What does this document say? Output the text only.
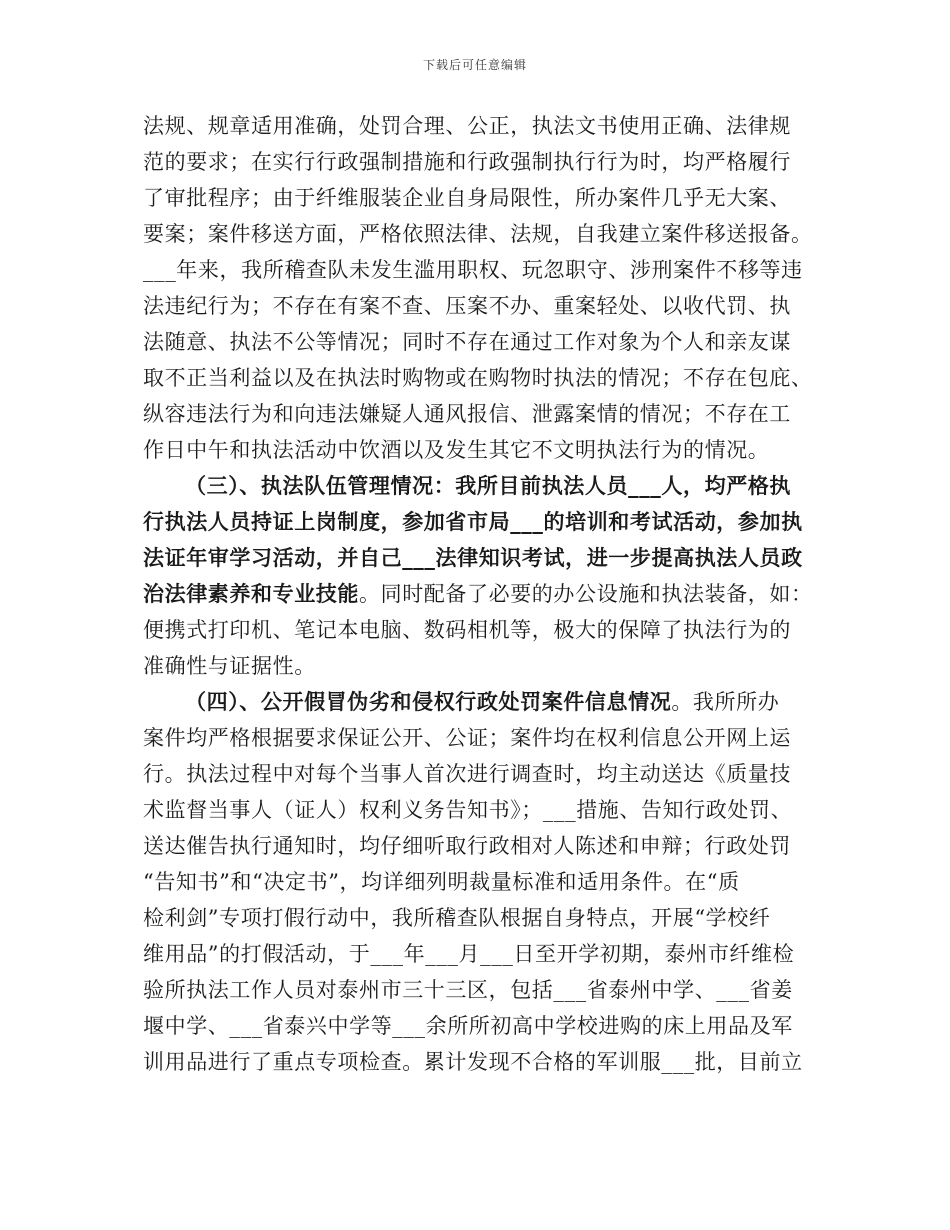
下载后可任意编辑
法规、规章适用准确，处罚合理、公正，执法文书使用正确、法律规
范的要求；在实行行政强制措施和行政强制执行行为时，均严格履行
了审批程序；由于纤维服装企业自身局限性，所办案件几乎无大案、
要案；案件移送方面，严格依照法律、法规，自我建立案件移送报备。
___年来，我所稽查队未发生滥用职权、玩忽职守、涉刑案件不移等违
法违纪行为；不存在有案不查、压案不办、重案轻处、以收代罚、执
法随意、执法不公等情况；同时不存在通过工作对象为个人和亲友谋
取不正当利益以及在执法时购物或在购物时执法的情况；不存在包庇、
纵容违法行为和向违法嫌疑人通风报信、泄露案情的情况；不存在工
作日中午和执法活动中饮酒以及发生其它不文明执法行为的情况。
（三）、执法队伍管理情况：我所目前执法人员___人，均严格执
行执法人员持证上岗制度，参加省市局___的培训和考试活动，参加执
法证年审学习活动，并自己___法律知识考试，进一步提高执法人员政
治法律素养和专业技能。同时配备了必要的办公设施和执法装备，如：
便携式打印机、笔记本电脑、数码相机等，极大的保障了执法行为的
准确性与证据性。
（四）、公开假冒伪劣和侵权行政处罚案件信息情况。我所所办
案件均严格根据要求保证公开、公证；案件均在权利信息公开网上运
行。执法过程中对每个当事人首次进行调查时，均主动送达《质量技
术监督当事人（证人）权利义务告知书》；___措施、告知行政处罚、
送达催告执行通知时，均仔细听取行政相对人陈述和申辩；行政处罚
“告知书”和“决定书”，均详细列明裁量标准和适用条件。在“质
检利剑”专项打假行动中，我所稽查队根据自身特点，开展“学校纤
维用品”的打假活动，于___年___月___日至开学初期，泰州市纤维检
验所执法工作人员对泰州市三十三区，包括___省泰州中学、___省姜
堰中学、___省泰兴中学等___余所所初高中学校进购的床上用品及军
训用品进行了重点专项检查。累计发现不合格的军训服___批，目前立
